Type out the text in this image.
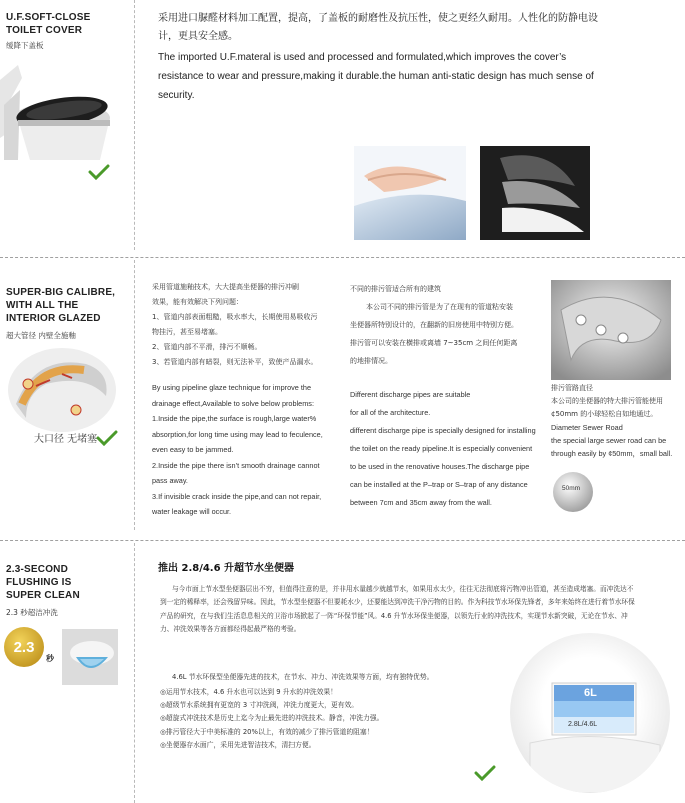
U.F.SOFT-CLOSE
TOILET COVER
缓降下盖板
采用进口脲醛材料加工配置，提高，了盖板的耐磨性及抗压性，使之更经久耐用。人性化的防静电设计，更具安全感。
The imported U.F.materal is used and processed and formulated,which improves the cover’s resistance to wear and pressure,making it durable.the human anti-static design has much sense of security.
SUPER-BIG CALIBRE,
WITH ALL THE
INTERIOR GLAZED
超大管径 内壁全施釉
大口径 无堵塞
采用管道施釉技术，大大提高坐便器的排污冲刷
效果，能有效解决下列问题：
1、管道内部表面粗糙，吸水率大，长期使用易吸收污
物挂污，甚至易堵塞。
2、管道内部不平滑，排污不顺畅。
3、若管道内部有暗裂，则无法补平，致使产品漏水。
By using pipeline glaze technique for improve the
drainage effect,Available to solve below problems:
1.Inside the pipe,the surface is rough,large water%
absorption,for long time using may lead to feculence,
even easy to be jammed.
2.Inside the pipe there isn’t smooth drainage cannot
pass away.
3.If invisible crack inside the pipe,and can not repair,
water leakage will occur.
不同的排污管适合所有的建筑
本公司不同的排污管是为了在现有的管道粘安装
坐便器所特别设计的，在翻新的旧房使用中特别方便。
排污管可以安装在横排或离墙 7~35cm 之间任何距离
的地排情况。
Different discharge pipes are suitable
for all of the architecture.
different discharge pipe is specially designed for installing
the toilet on the ready pipeline.It is especially convenient
to be used in the renovative houses.The discharge pipe
can be installed at the P–trap or S–trap of any distance
between 7cm and 35cm away from the wall.
排污管路直径
本公司的坐便器的特大排污管能使用
¢50mm 的小球轻松自如地通过。
Diameter Sewer Road
the special large sewer road can be
through easily by ¢50mm，small ball.
50mm
2.3-SECOND
FLUSHING IS
SUPER CLEAN
2.3 秒超洁冲洗
2.3
秒
推出 2.8/4.6 升超节水坐便器
与今市面上节水型坐便器层出不穷，但值得注意的是，并非用水量越少就越节水，如果用水太少，往往无法彻底将污物冲出管道，甚至造成堵塞。而冲洗达不到一定的稀释率，还会残留异味。因此，节水型坐便器不但要耗水少，还要能达到冲洗干净污物的目的。作为科技节水环保先锋者，多年来始终在进行着节水环保产品的研究，在与我们生活息息相关的卫浴市场掀起了一阵“环保节能”风。4.6 升节水环保坐便器，以领先行业的冲洗技术，实现节水新突破，无论在节水、冲力、冲洗效果等各方面都经得起最严格的考验。
4.6L 节水环保型坐便器先进的技术，在节水、冲力、冲洗效果等方面，均有独特优势。
◎运用节水技术，4.6 升水也可以达到 9 升水的冲洗效果！
◎超级节水系统拥有更宽的 3 寸冲洗阀，冲洗力度更大，更有效。
◎超旋式冲洗技术是历史上迄今为止最先进的冲洗技术。静音，冲洗力强。
◎排污管径大于中美标准的 20%以上，有效的减少了排污管道的阻塞！
◎坐便器存水面广，采用先进智洁技术，清扫方便。
6L
2.8L/4.6L
